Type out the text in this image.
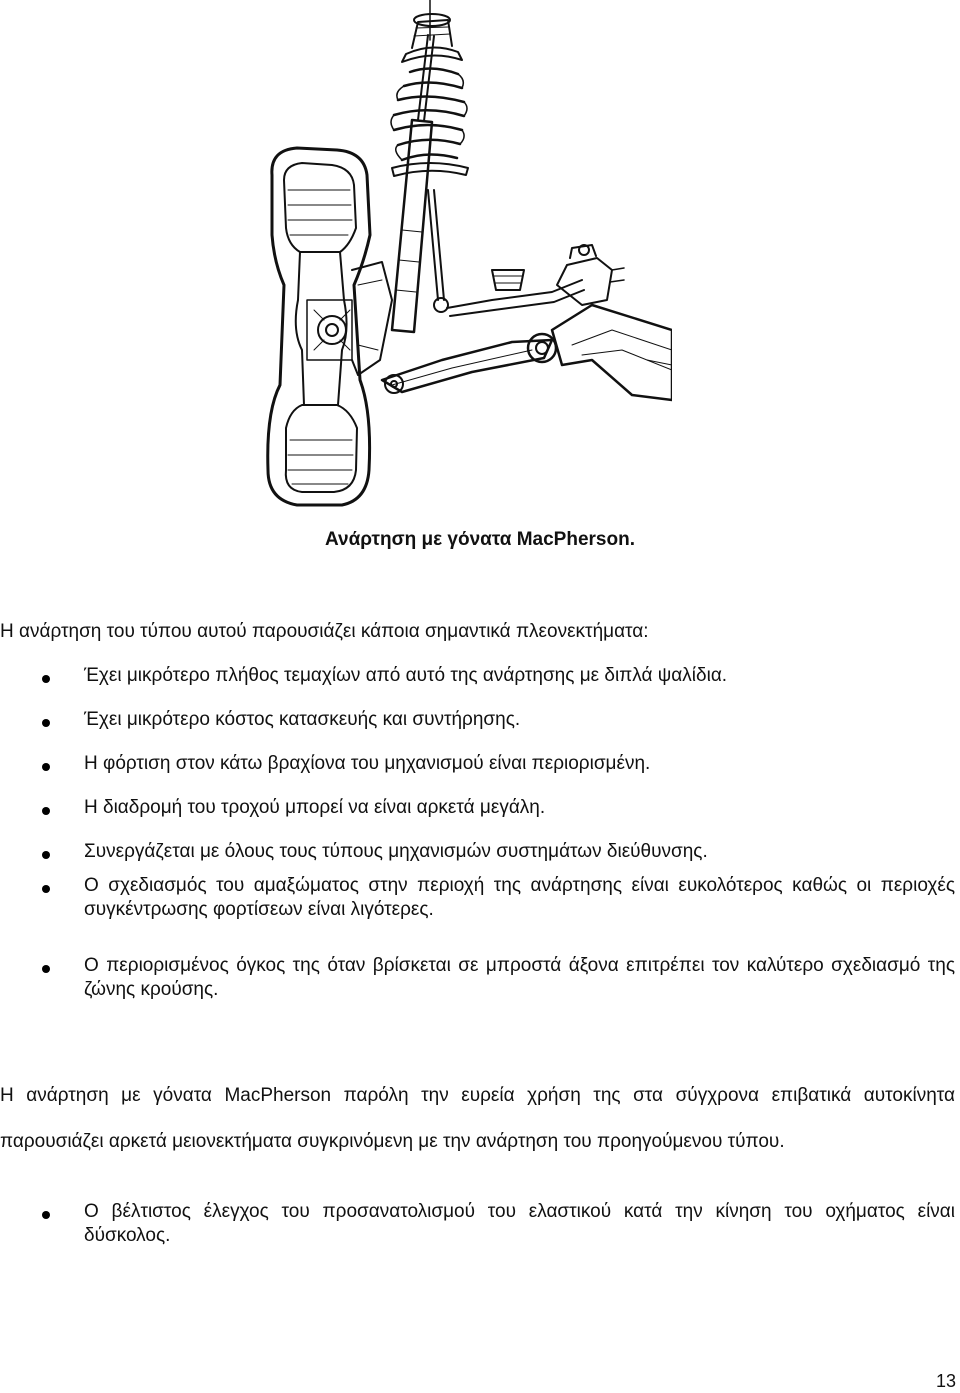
Ανάρτηση με γόνατα MacPherson.

Η ανάρτηση του τύπου αυτού παρουσιάζει κάποια σημαντικά πλεονεκτήματα:

Έχει μικρότερο πλήθος τεμαχίων από αυτό της ανάρτησης με διπλά ψαλίδια.
Έχει μικρότερο κόστος κατασκευής και συντήρησης.
Η φόρτιση στον κάτω βραχίονα του μηχανισμού είναι περιορισμένη.
Η διαδρομή του τροχού μπορεί να είναι αρκετά μεγάλη.
Συνεργάζεται με όλους τους τύπους μηχανισμών συστημάτων διεύθυνσης.
Ο σχεδιασμός του αμαξώματος στην περιοχή της ανάρτησης είναι ευκολότερος καθώς οι περιοχές συγκέντρωσης φορτίσεων είναι λιγότερες.
Ο περιορισμένος όγκος της όταν βρίσκεται σε μπροστά άξονα επιτρέπει τον καλύτερο σχεδιασμό της ζώνης κρούσης.

Η ανάρτηση με γόνατα MacPherson παρόλη την ευρεία χρήση της στα σύγχρονα επιβατικά αυτοκίνητα παρουσιάζει αρκετά μειονεκτήματα συγκρινόμενη με την ανάρτηση του προηγούμενου τύπου.

Ο βέλτιστος έλεγχος του προσανατολισμού του ελαστικού κατά την κίνηση του οχήματος είναι δύσκολος.
13
